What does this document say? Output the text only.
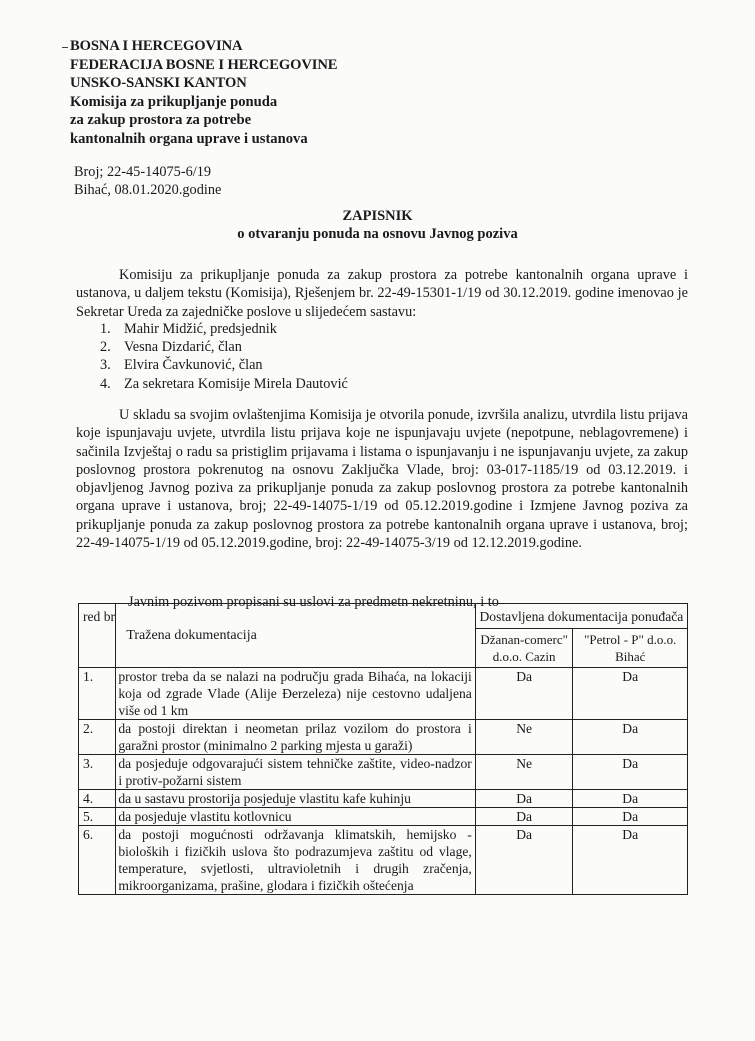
BOSNA I HERCEGOVINA
FEDERACIJA BOSNE I HERCEGOVINE
UNSKO-SANSKI KANTON
Komisija za prikupljanje ponuda
za zakup prostora za potrebe
kantonalnih organa uprave i ustanova
Broj; 22-45-14075-6/19
Bihać, 08.01.2020.godine
ZAPISNIK
o otvaranju ponuda na osnovu Javnog poziva
Komisiju za prikupljanje ponuda za zakup prostora za potrebe kantonalnih organa uprave i ustanova, u daljem tekstu (Komisija), Rješenjem br. 22-49-15301-1/19 od 30.12.2019. godine imenovao je Sekretar Ureda za zajedničke poslove u slijedećem sastavu:
1. Mahir Midžić, predsjednik
2. Vesna Dizdarić, član
3. Elvira Čavkunović, član
4. Za sekretara Komisije Mirela Dautović
U skladu sa svojim ovlaštenjima Komisija je otvorila ponude, izvršila analizu, utvrdila listu prijava koje ispunjavaju uvjete, utvrdila listu prijava koje ne ispunjavaju uvjete (nepotpune, neblagovremene) i sačinila Izvještaj o radu sa pristiglim prijavama i listama o ispunjavanju i ne ispunjavanju uvjete, za zakup poslovnog prostora pokrenutog na osnovu Zaključka Vlade, broj: 03-017-1185/19 od 03.12.2019. i objavljenog Javnog poziva za prikupljanje ponuda za zakup poslovnog prostora za potrebe kantonalnih organa uprave i ustanova, broj; 22-49-14075-1/19 od 05.12.2019.godine i Izmjene Javnog poziva za prikupljanje ponuda za zakup poslovnog prostora za potrebe kantonalnih organa uprave i ustanova, broj; 22-49-14075-1/19 od 05.12.2019.godine, broj: 22-49-14075-3/19 od 12.12.2019.godine.
Javnim pozivom propisani su uslovi za predmetn nekretninu, i to
red br	Tražena dokumentacija	Dostavljena dokumentacija ponuđača	
		Džanan-comerc" d.o.o. Cazin	"Petrol - P" d.o.o. Bihać
1.	prostor treba da se nalazi na području grada Bihaća, na lokaciji koja od zgrade Vlade (Alije Đerzeleza) nije cestovno udaljena više od 1 km	Da	Da
2.	da postoji direktan i neometan prilaz vozilom do prostora i garažni prostor (minimalno 2 parking mjesta u garaži)	Ne	Da
3.	da posjeduje odgovarajući sistem tehničke zaštite, video-nadzor i protiv-požarni sistem	Ne	Da
4.	da u sastavu prostorija posjeduje vlastitu kafe kuhinju	Da	Da
5.	da posjeduje vlastitu kotlovnicu	Da	Da
6.	da postoji mogućnosti održavanja klimatskih, hemijsko - bioloških i fizičkih uslova što podrazumjeva zaštitu od vlage, temperature, svjetlosti, ultravioletnih i drugih zračenja, mikroorganizama, prašine, glodara i fizičkih oštećenja	Da	Da
